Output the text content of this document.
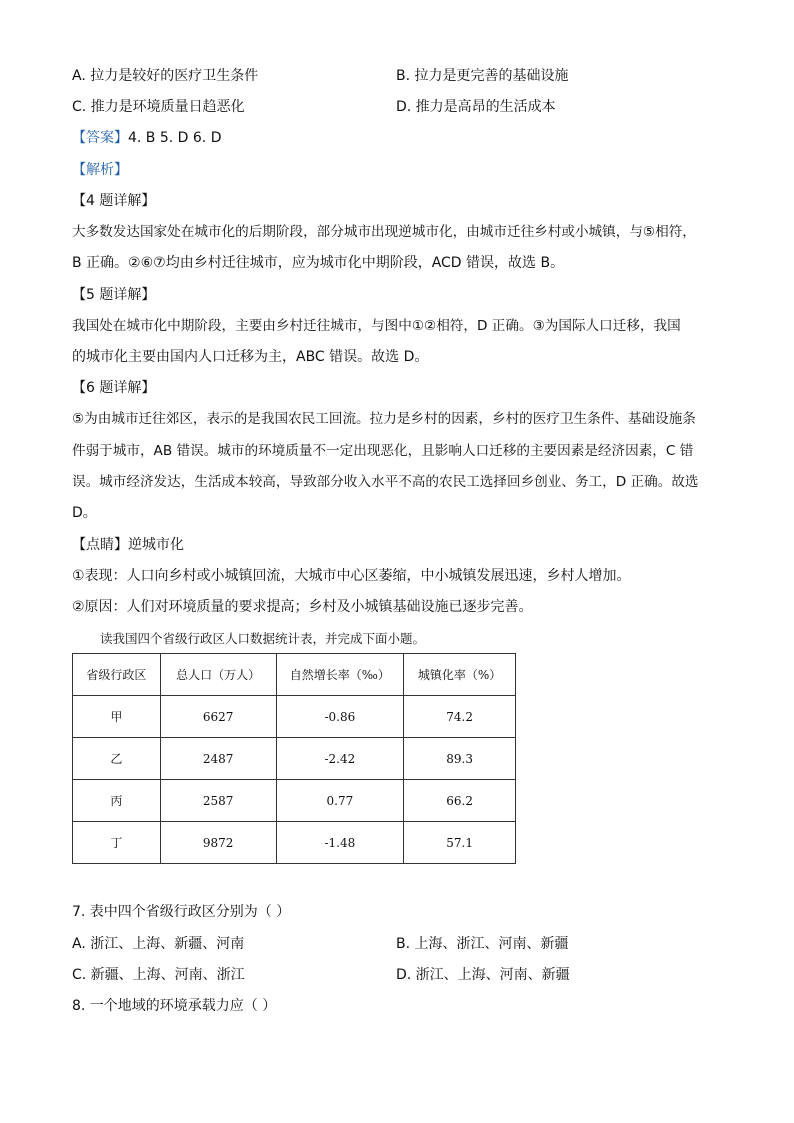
A. 拉力是较好的医疗卫生条件	B. 拉力是更完善的基础设施
C. 推力是环境质量日趋恶化	D. 推力是高昂的生活成本
【答案】4. B 5. D 6. D
【解析】
【4 题详解】
大多数发达国家处在城市化的后期阶段，部分城市出现逆城市化，由城市迁往乡村或小城镇，与⑤相符，
B 正确。②⑥⑦均由乡村迁往城市，应为城市化中期阶段，ACD 错误，故选 B。
【5 题详解】
我国处在城市化中期阶段，主要由乡村迁往城市，与图中①②相符，D 正确。③为国际人口迁移，我国
的城市化主要由国内人口迁移为主，ABC 错误。故选 D。
【6 题详解】
⑤为由城市迁往郊区，表示的是我国农民工回流。拉力是乡村的因素，乡村的医疗卫生条件、基础设施条
件弱于城市，AB 错误。城市的环境质量不一定出现恶化，且影响人口迁移的主要因素是经济因素，C 错
误。城市经济发达，生活成本较高，导致部分收入水平不高的农民工选择回乡创业、务工，D 正确。故选
D。
【点睛】逆城市化
①表现：人口向乡村或小城镇回流，大城市中心区萎缩，中小城镇发展迅速，乡村人增加。
②原因：人们对环境质量的要求提高；乡村及小城镇基础设施已逐步完善。
读我国四个省级行政区人口数据统计表，并完成下面小题。
省级行政区	总人口（万人）	自然增长率（‰）	城镇化率（%）
甲	6627	-0.86	74.2
乙	2487	-2.42	89.3
丙	2587	0.77	66.2
丁	9872	-1.48	57.1
7. 表中四个省级行政区分别为（ ）
A. 浙江、上海、新疆、河南	B. 上海、浙江、河南、新疆
C. 新疆、上海、河南、浙江	D. 浙江、上海、河南、新疆
8. 一个地域的环境承载力应（ ）
